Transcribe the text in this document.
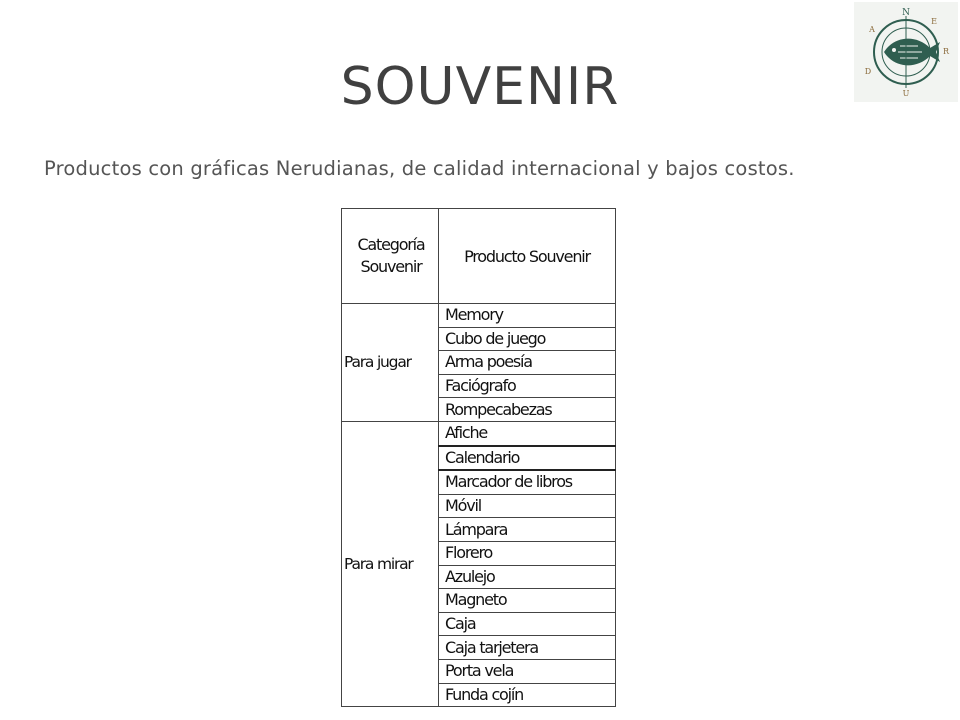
N
E
R
U
D
A
SOUVENIR
Productos con gráficas Nerudianas, de calidad internacional y bajos costos.
Categoría
Souvenir	Producto Souvenir
Para jugar	Memory
	Cubo de juego
	Arma poesía
	Faciógrafo
	Rompecabezas
Para mirar	Afiche
	Calendario
	Marcador de libros
	Móvil
	Lámpara
	Florero
	Azulejo
	Magneto
	Caja
	Caja tarjetera
	Porta vela
	Funda cojín
